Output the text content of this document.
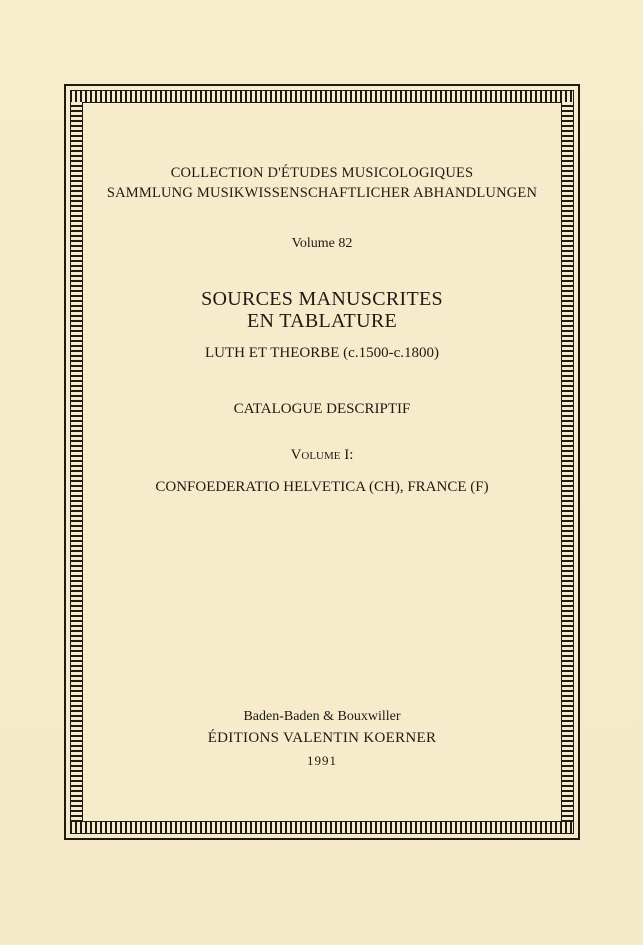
COLLECTION D'ÉTUDES MUSICOLOGIQUES
SAMMLUNG MUSIKWISSENSCHAFTLICHER ABHANDLUNGEN
Volume 82
SOURCES MANUSCRITES
EN TABLATURE
LUTH ET THEORBE (c.1500-c.1800)
CATALOGUE DESCRIPTIF
Volume I:
CONFOEDERATIO HELVETICA (CH), FRANCE (F)
Baden-Baden & Bouxwiller
ÉDITIONS VALENTIN KOERNER
1991
